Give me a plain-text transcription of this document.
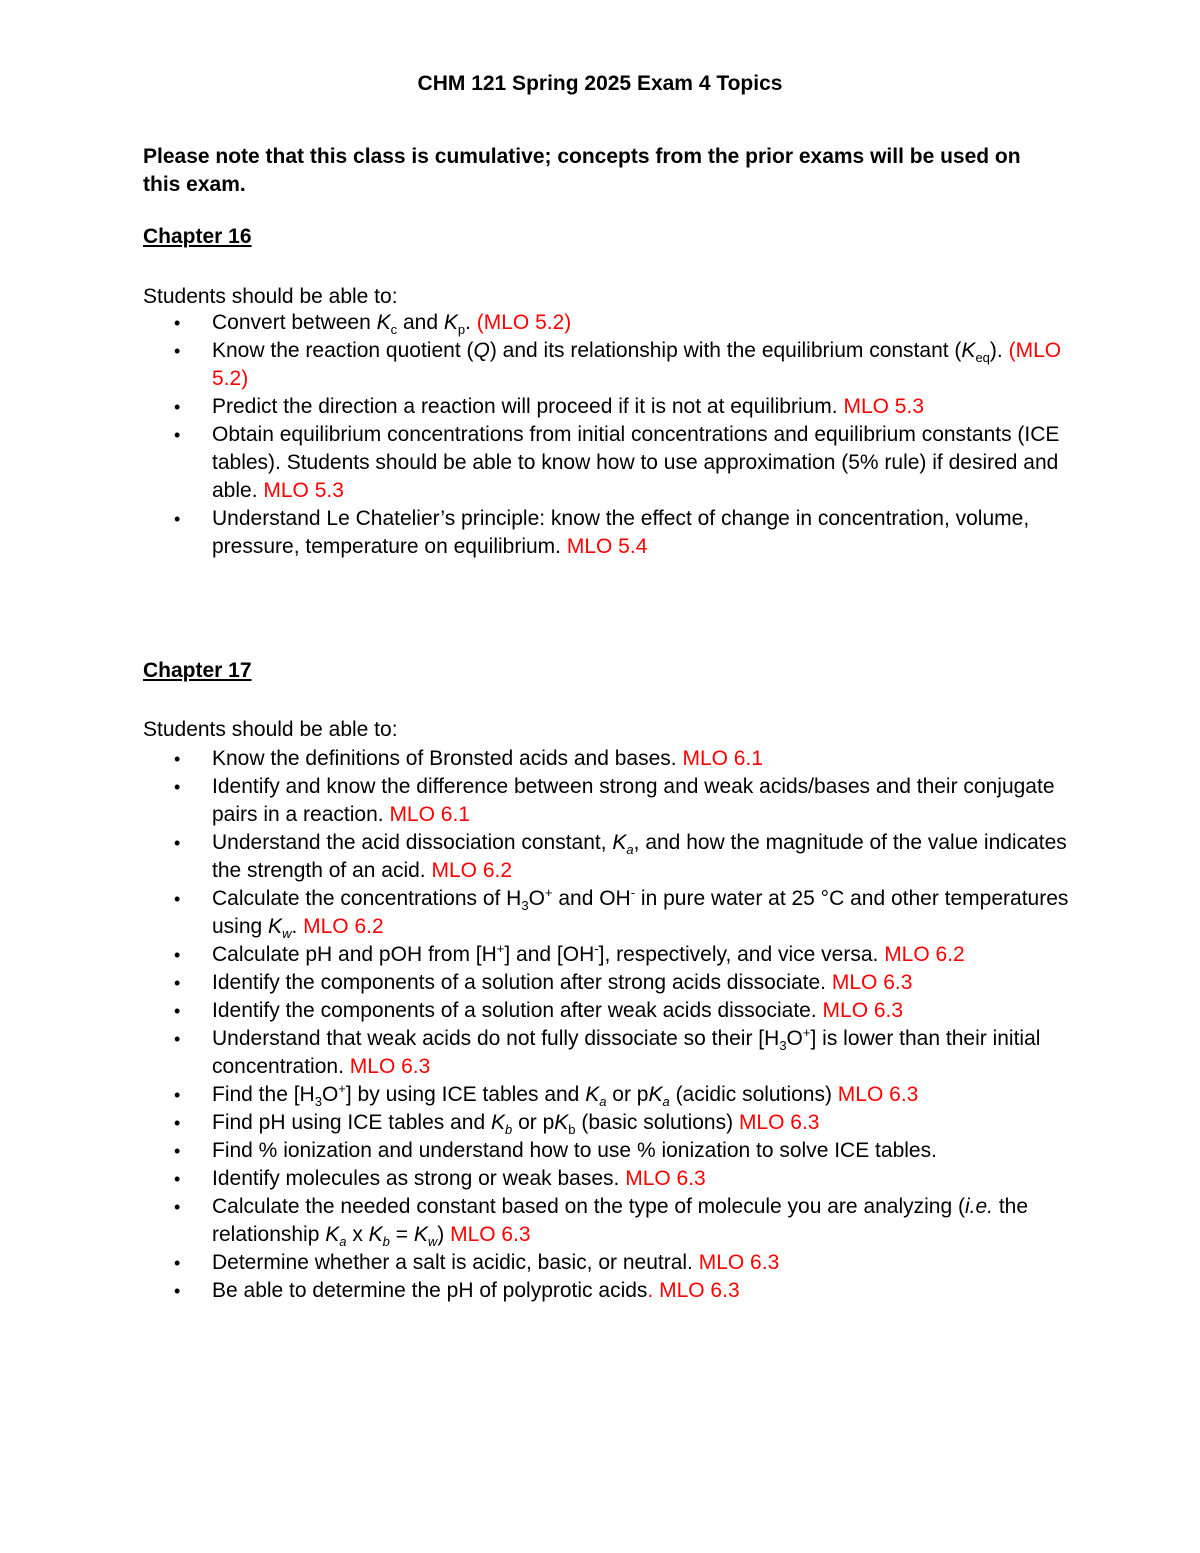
CHM 121 Spring 2025 Exam 4 Topics
Please note that this class is cumulative; concepts from the prior exams will be used on this exam.
Chapter 16
Students should be able to:
• Convert between $K_c$ and $K_p$. (MLO 5.2)
• Know the reaction quotient (Q) and its relationship with the equilibrium constant $(K_{eq})$. (MLO 5.2)
• Predict the direction a reaction will proceed if it is not at equilibrium. MLO 5.3
• Obtain equilibrium concentrations from initial concentrations and equilibrium constants (ICE tables). Students should be able to know how to use approximation (5% rule) if desired and able. MLO 5.3
• Understand Le Chatelier’s principle: know the effect of change in concentration, volume, pressure, temperature on equilibrium. MLO 5.4
Chapter 17
Students should be able to:
• Know the definitions of Bronsted acids and bases. MLO 6.1
• Identify and know the difference between strong and weak acids/bases and their conjugate pairs in a reaction. MLO 6.1
• Understand the acid dissociation constant, $K_a$, and how the magnitude of the value indicates the strength of an acid. MLO 6.2
• Calculate the concentrations of $H_3O^+$ and OH- in pure water at 25 °C and other temperatures using $K_w$. MLO 6.2
• Calculate pH and pOH from [H+] and [OH-], respectively, and vice versa. MLO 6.2
• Identify the components of a solution after strong acids dissociate. MLO 6.3
• Identify the components of a solution after weak acids dissociate. MLO 6.3
• Understand that weak acids do not fully dissociate so their $[H_3O^+]$ is lower than their initial concentration. MLO 6.3
• Find the $[H_3O^+]$ by using ICE tables and $K_a$ or $pK_a$ (acidic solutions) MLO 6.3
• Find pH using ICE tables and $K_b$ or $pK_b$ (basic solutions) MLO 6.3
• Find % ionization and understand how to use % ionization to solve ICE tables.
• Identify molecules as strong or weak bases. MLO 6.3
• Calculate the needed constant based on the type of molecule you are analyzing (i.e. the relationship $K_a$ x $K_b = K_w$) MLO 6.3
• Determine whether a salt is acidic, basic, or neutral. MLO 6.3
• Be able to determine the pH of polyprotic acids. MLO 6.3
